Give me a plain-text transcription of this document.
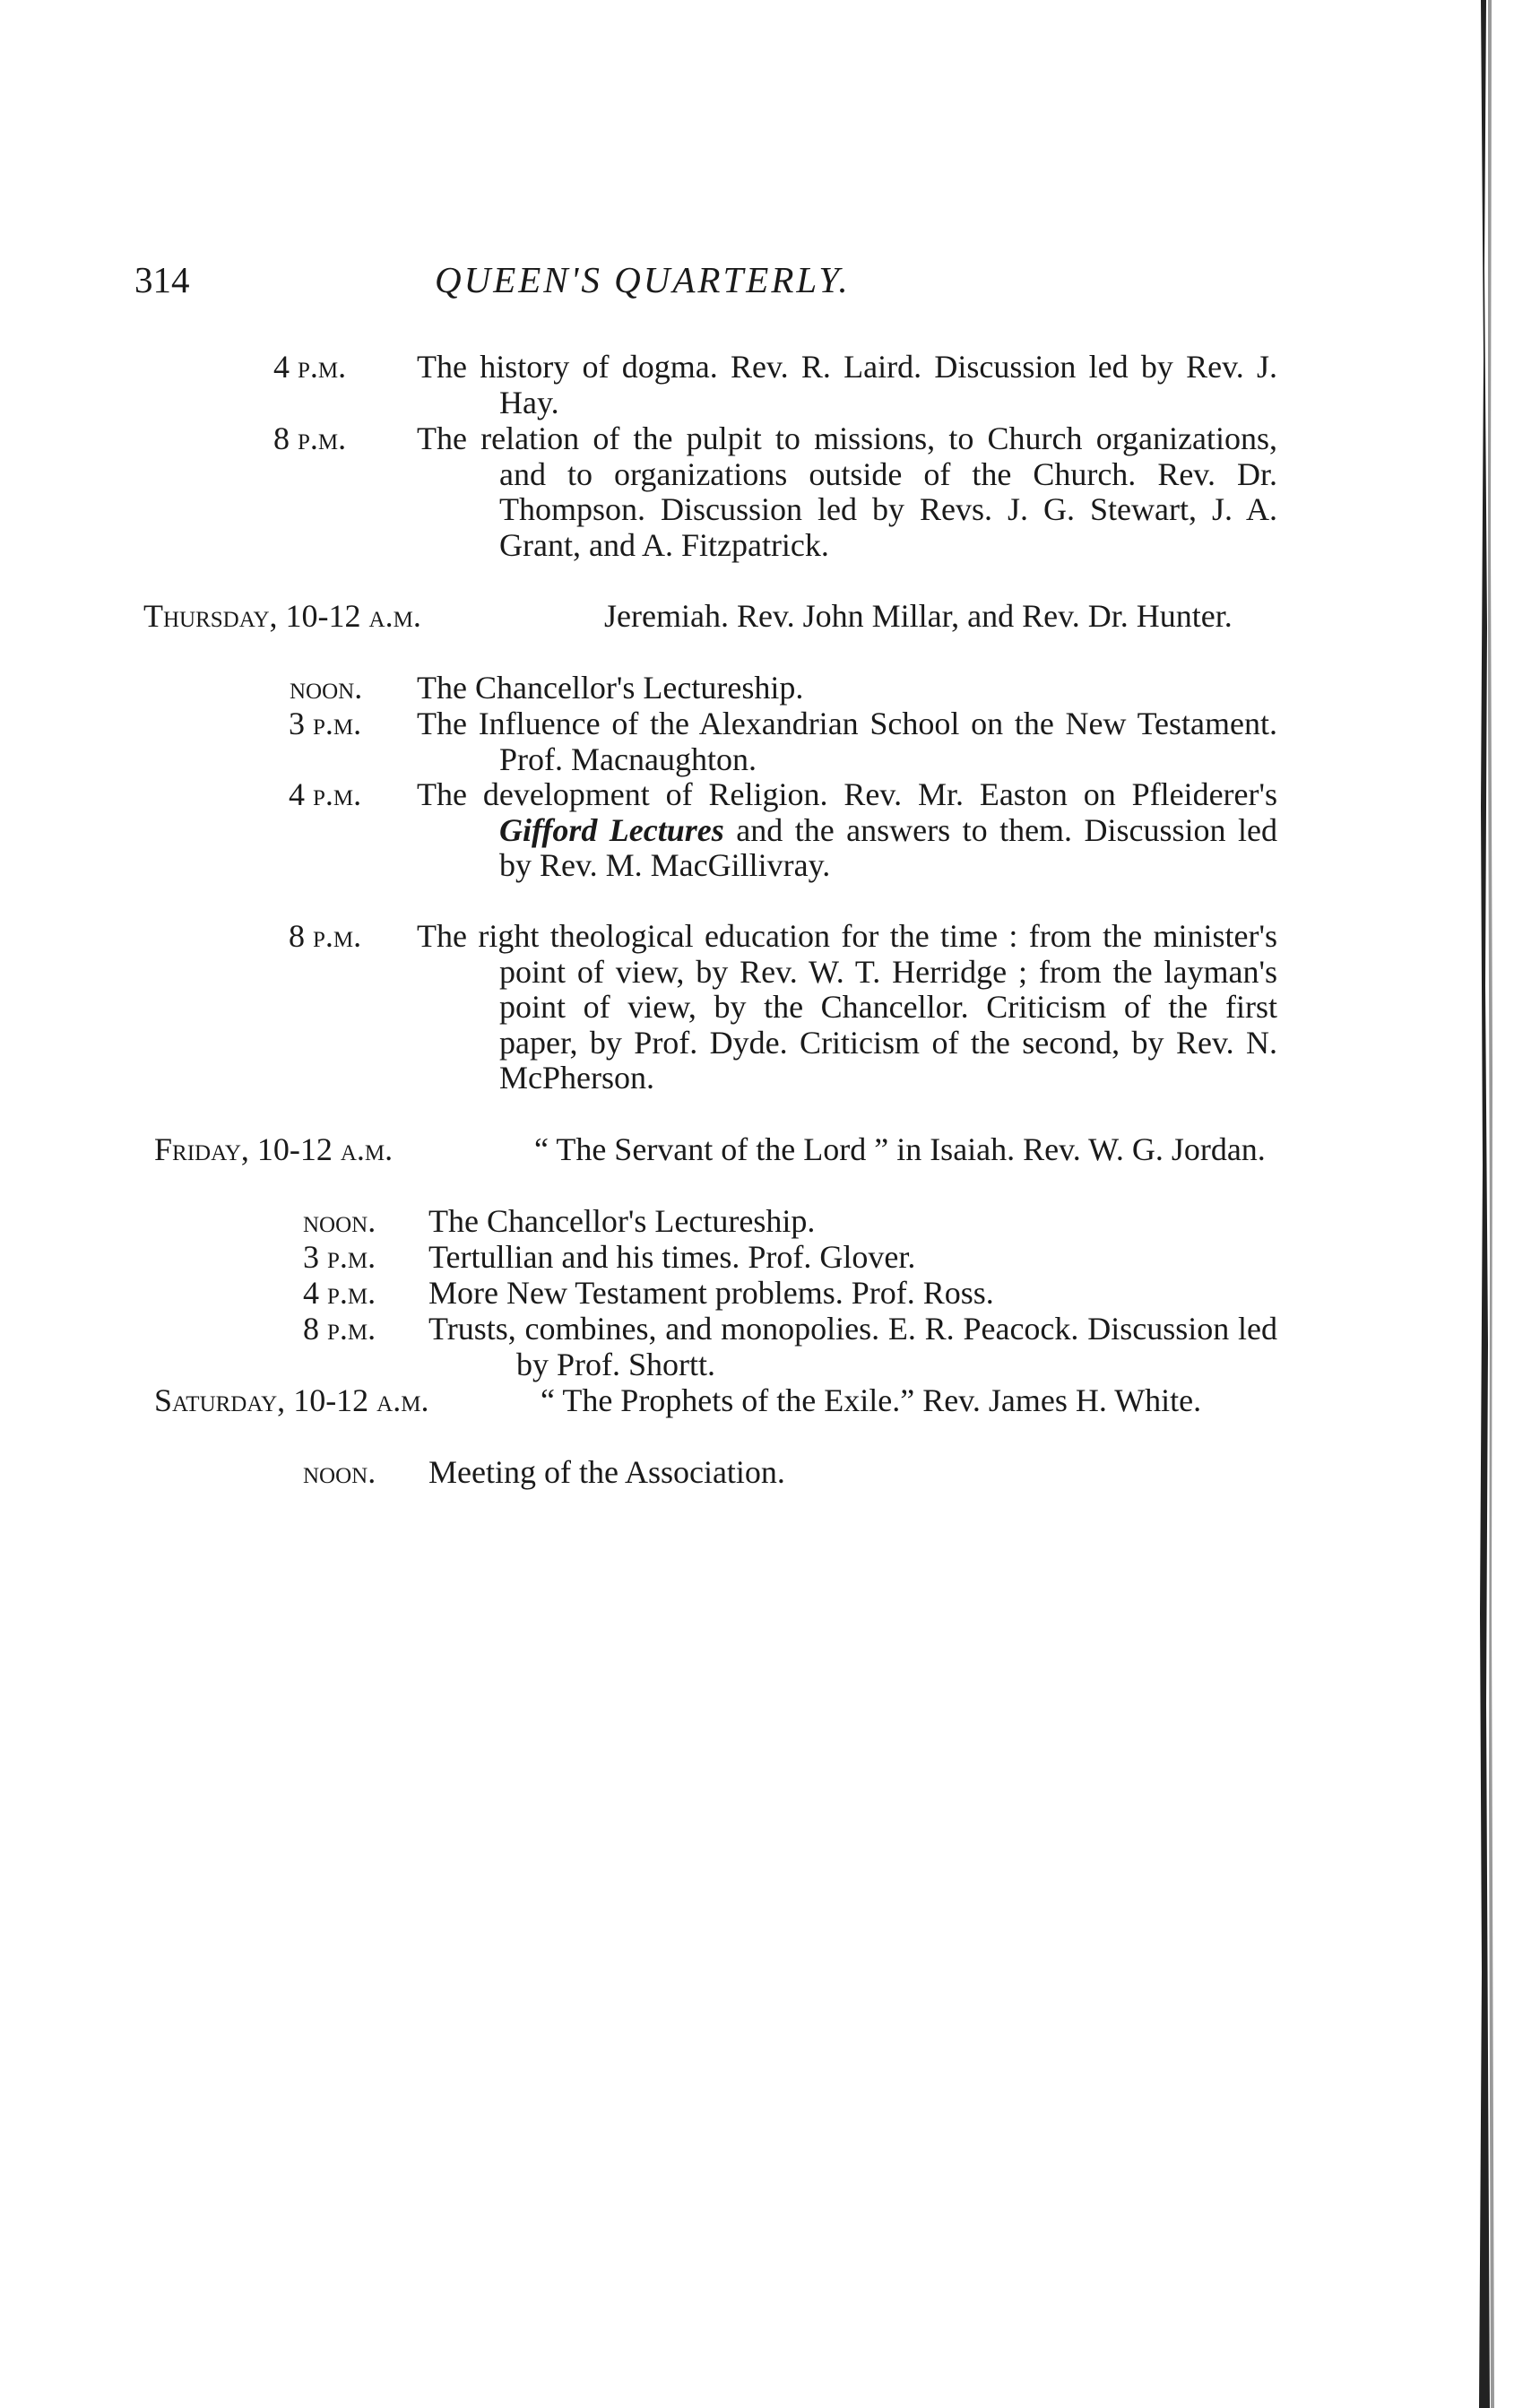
314	QUEEN'S QUARTERLY.
4 p.m. The history of dogma. Rev. R. Laird. Discussion led by Rev. J. Hay.
8 p.m. The relation of the pulpit to missions, to Church organizations, and to organizations outside of the Church. Rev. Dr. Thompson. Discussion led by Revs. J. G. Stewart, J. A. Grant, and A. Fitzpatrick.
Thursday, 10-12 a.m.	Jeremiah. Rev. John Millar, and Rev. Dr. Hunter.
noon. The Chancellor's Lectureship.
3 p.m. The Influence of the Alexandrian School on the New Testament. Prof. Macnaughton.
4 p.m. The development of Religion. Rev. Mr. Easton on Pfleiderer's Gifford Lectures and the answers to them. Discussion led by Rev. M. MacGillivray.
8 p.m. The right theological education for the time : from the minister's point of view, by Rev. W. T. Herridge ; from the layman's point of view, by the Chancellor. Criticism of the first paper, by Prof. Dyde. Criticism of the second, by Rev. N. McPherson.
Friday, 10-12 a.m.	“ The Servant of the Lord ” in Isaiah. Rev. W. G. Jordan.
noon. The Chancellor's Lectureship.
3 p.m. Tertullian and his times. Prof. Glover.
4 p.m. More New Testament problems. Prof. Ross.
8 p.m. Trusts, combines, and monopolies. E. R. Peacock. Discussion led by Prof. Shortt.
Saturday, 10-12 a.m.	“ The Prophets of the Exile.” Rev. James H. White.
noon. Meeting of the Association.
